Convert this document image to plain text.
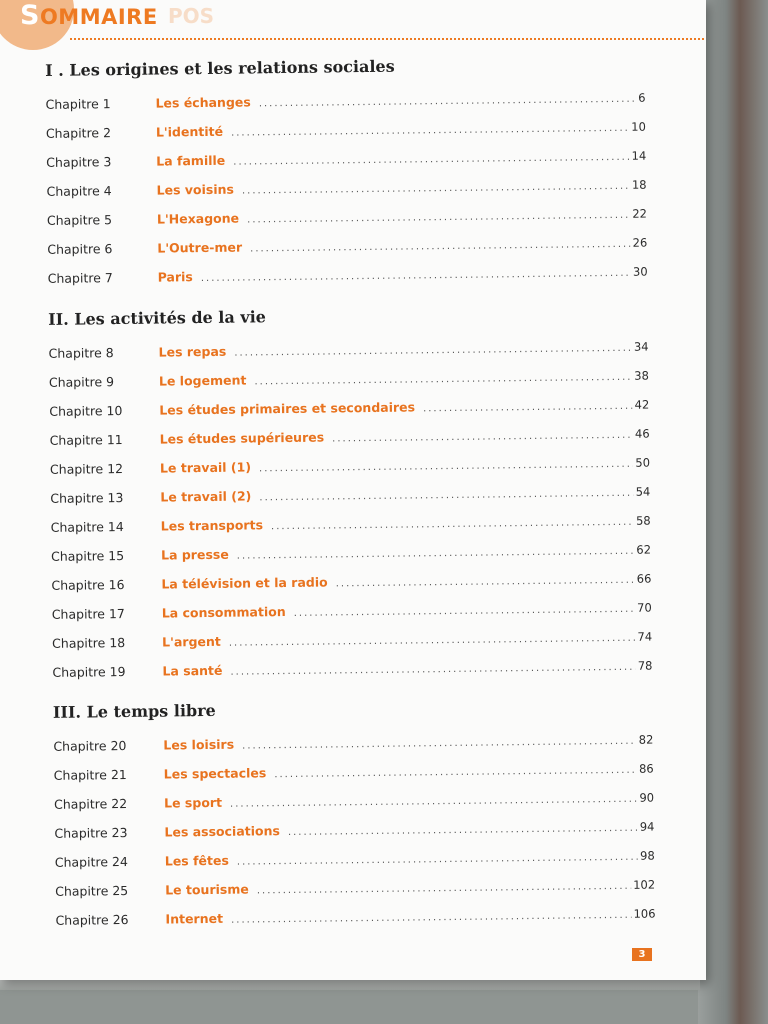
POS
SOMMAIRE
I . Les origines et les relations sociales
Chapitre 1	Les échanges .....	6
Chapitre 2	L'identité .....	10
Chapitre 3	La famille .....	14
Chapitre 4	Les voisins .....	18
Chapitre 5	L'Hexagone .....	22
Chapitre 6	L'Outre-mer .....	26
Chapitre 7	Paris .....	30
II. Les activités de la vie
Chapitre 8	Les repas .....	34
Chapitre 9	Le logement .....	38
Chapitre 10	Les études primaires et secondaires .....	42
Chapitre 11	Les études supérieures .....	46
Chapitre 12	Le travail (1) .....	50
Chapitre 13	Le travail (2) .....	54
Chapitre 14	Les transports .....	58
Chapitre 15	La presse .....	62
Chapitre 16	La télévision et la radio .....	66
Chapitre 17	La consommation .....	70
Chapitre 18	L'argent .....	74
Chapitre 19	La santé .....	78
III. Le temps libre
Chapitre 20	Les loisirs .....	82
Chapitre 21	Les spectacles .....	86
Chapitre 22	Le sport .....	90
Chapitre 23	Les associations .....	94
Chapitre 24	Les fêtes .....	98
Chapitre 25	Le tourisme .....	102
Chapitre 26	Internet .....	106
3
